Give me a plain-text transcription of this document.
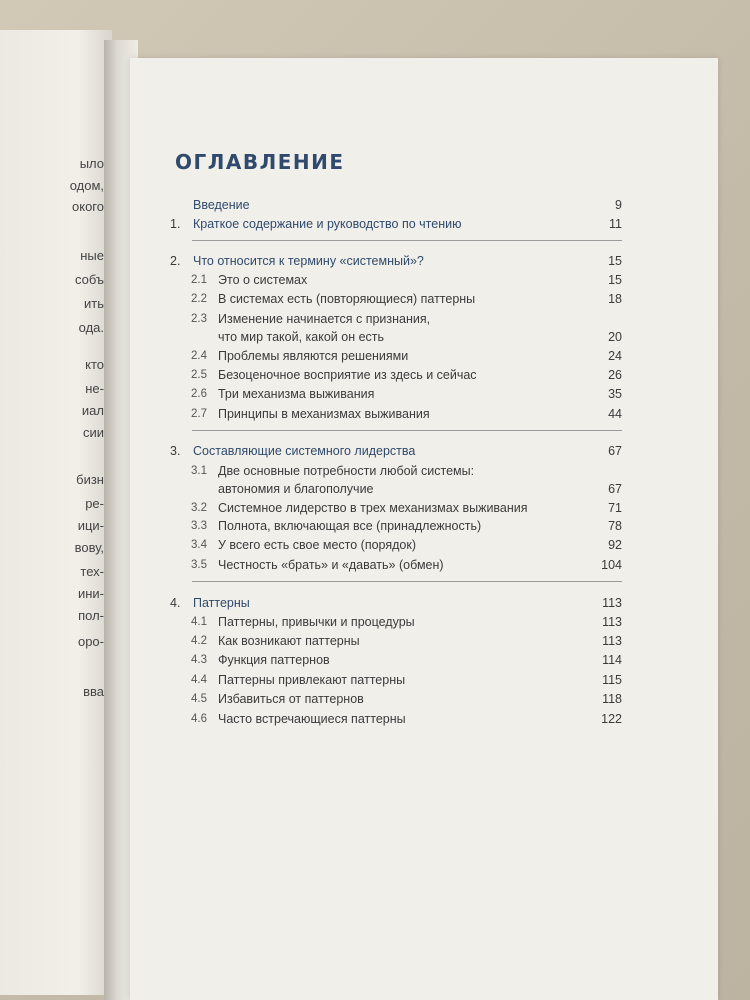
ыло
одом,
окого
ные
собъ
ить
ода.
кто
не-
иал
сии
бизн
ре-
ици-
вову,
тех-
ини-
пол-
оро-
вва
ОГЛАВЛЕНИЕ
Введение	9
1. Краткое содержание и руководство по чтению	11
2. Что относится к термину «системный»?	15
2.1 Это о системах	15
2.2 В системах есть (повторяющиеся) паттерны	18
2.3 Изменение начинается с признания,
что мир такой, какой он есть	20
2.4 Проблемы являются решениями	24
2.5 Безоценочное восприятие из здесь и сейчас	26
2.6 Три механизма выживания	35
2.7 Принципы в механизмах выживания	44
3. Составляющие системного лидерства	67
3.1 Две основные потребности любой системы:
автономия и благополучие	67
3.2 Системное лидерство в трех механизмах выживания	71
3.3 Полнота, включающая все (принадлежность)	78
3.4 У всего есть свое место (порядок)	92
3.5 Честность «брать» и «давать» (обмен)	104
4. Паттерны	113
4.1 Паттерны, привычки и процедуры	113
4.2 Как возникают паттерны	113
4.3 Функция паттернов	114
4.4 Паттерны привлекают паттерны	115
4.5 Избавиться от паттернов	118
4.6 Часто встречающиеся паттерны	122
